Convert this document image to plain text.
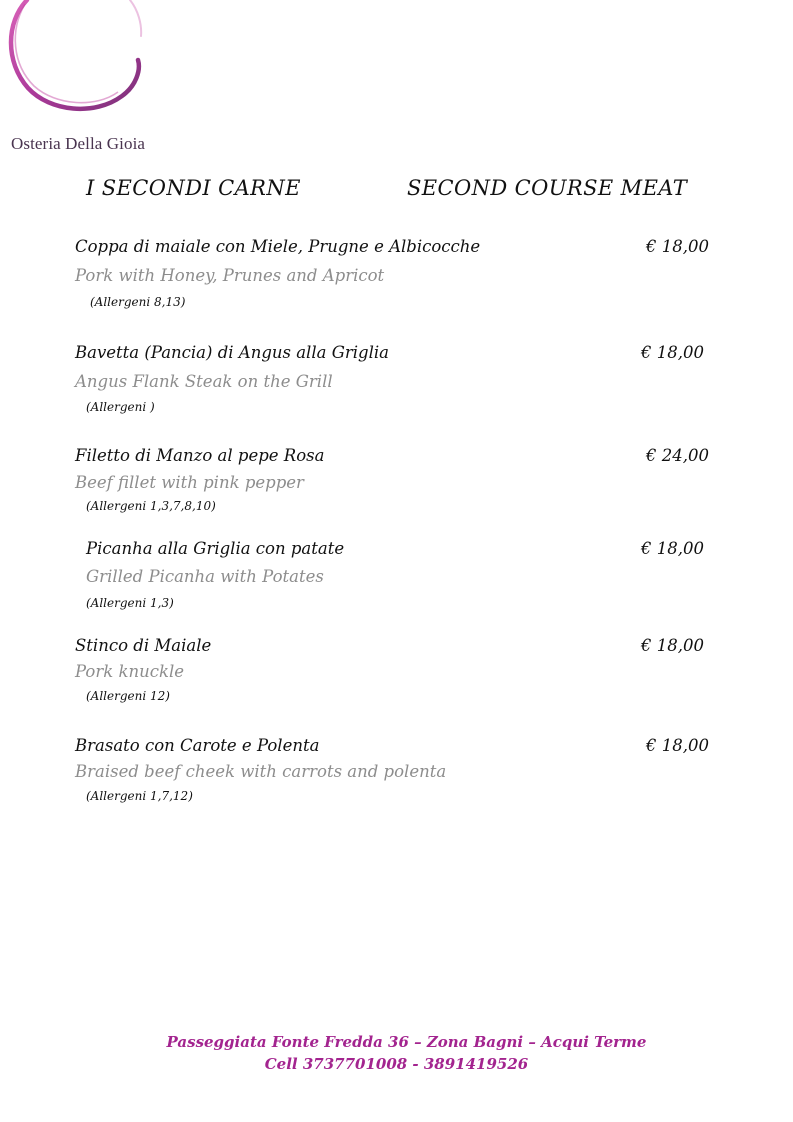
Osteria Della Gioia
I SECONDI CARNE	SECOND COURSE MEAT
Coppa di maiale con Miele, Prugne e Albicocche	€ 18,00
Pork with Honey, Prunes and Apricot
(Allergeni 8,13)
Bavetta (Pancia) di Angus alla Griglia	€ 18,00
Angus Flank Steak on the Grill
(Allergeni )
Filetto di Manzo al pepe Rosa	€ 24,00
Beef fillet with pink pepper
(Allergeni 1,3,7,8,10)
Picanha alla Griglia con patate	€ 18,00
Grilled Picanha with Potates
(Allergeni 1,3)
Stinco di Maiale	€ 18,00
Pork knuckle
(Allergeni 12)
Brasato con Carote e Polenta	€ 18,00
Braised beef cheek with carrots and polenta
(Allergeni 1,7,12)
Passeggiata Fonte Fredda 36 – Zona Bagni – Acqui Terme
Cell 3737701008 - 3891419526
